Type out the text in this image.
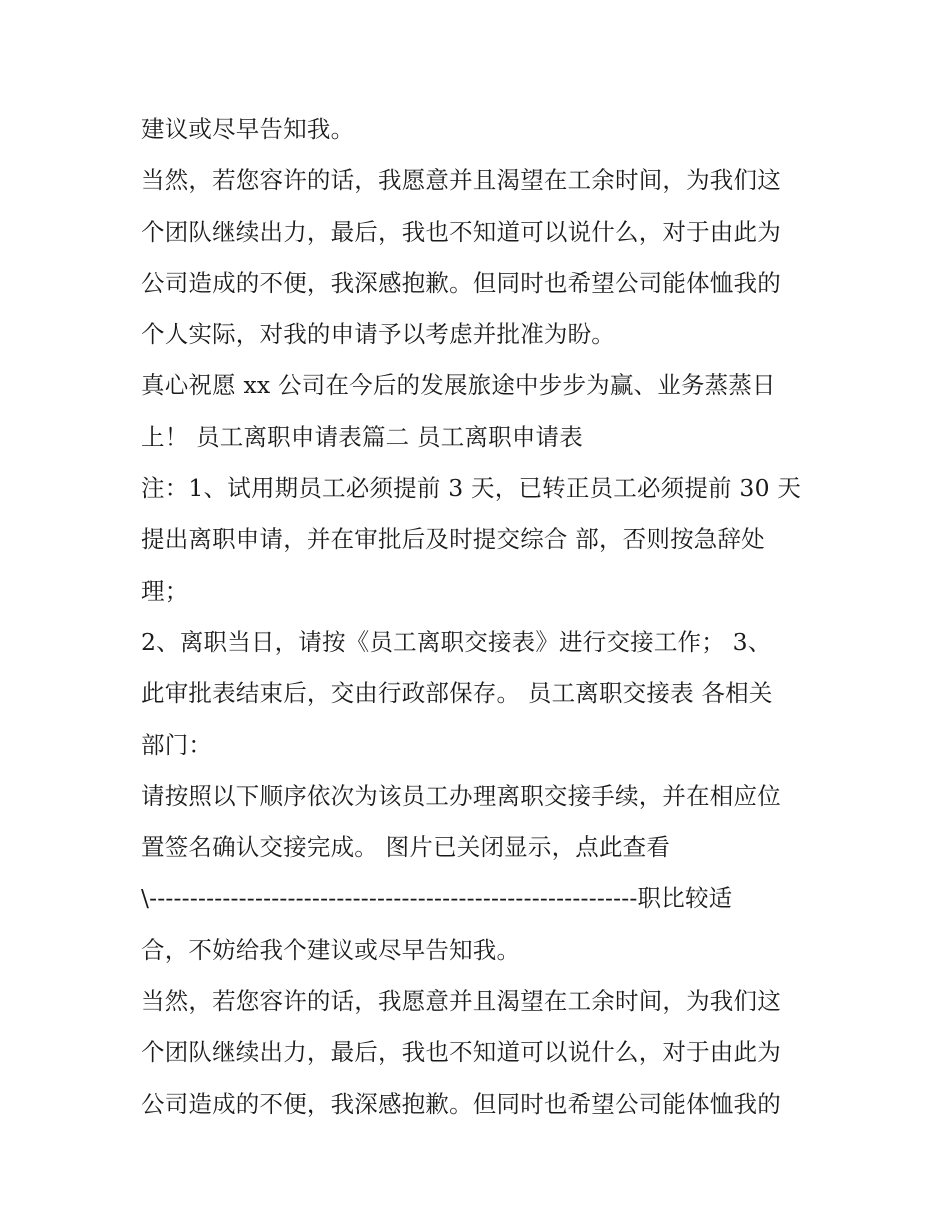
建议或尽早告知我。
当然，若您容许的话，我愿意并且渴望在工余时间，为我们这
个团队继续出力，最后，我也不知道可以说什么，对于由此为
公司造成的不便，我深感抱歉。但同时也希望公司能体恤我的
个人实际，对我的申请予以考虑并批准为盼。
真心祝愿 xx 公司在今后的发展旅途中步步为赢、业务蒸蒸日
上！ 员工离职申请表篇二 员工离职申请表
注：1、试用期员工必须提前 3 天，已转正员工必须提前 30 天
提出离职申请，并在审批后及时提交综合 部，否则按急辞处
理；
2、离职当日，请按《员工离职交接表》进行交接工作； 3、
此审批表结束后，交由行政部保存。 员工离职交接表 各相关
部门：
请按照以下顺序依次为该员工办理离职交接手续，并在相应位
置签名确认交接完成。 图片已关闭显示，点此查看
\------------------------------------------------------------职比较适
合，不妨给我个建议或尽早告知我。
当然，若您容许的话，我愿意并且渴望在工余时间，为我们这
个团队继续出力，最后，我也不知道可以说什么，对于由此为
公司造成的不便，我深感抱歉。但同时也希望公司能体恤我的
